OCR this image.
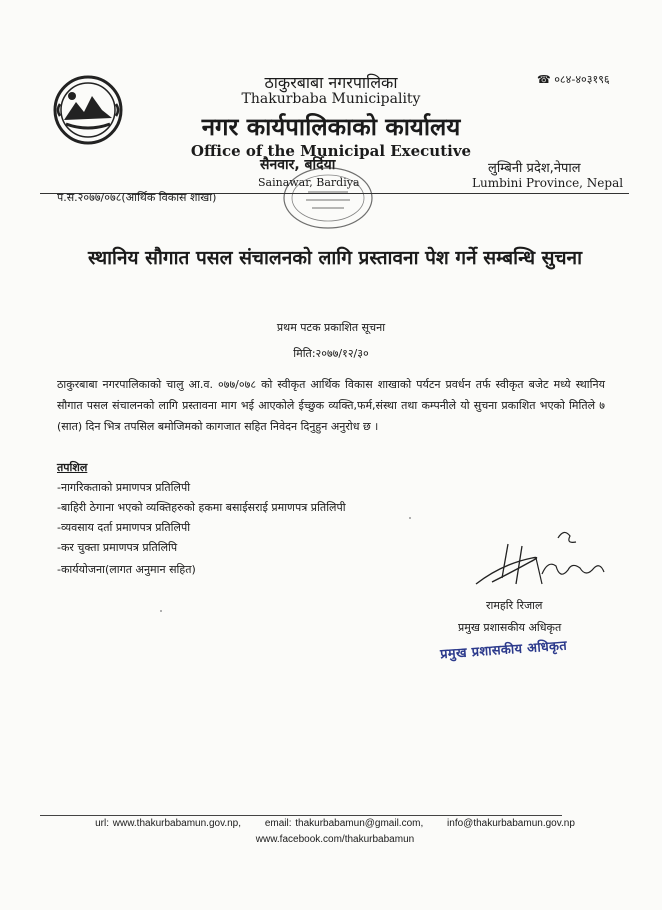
ठाकुरबाबा नगरपालिका
Thakurbaba Municipality
नगर कार्यपालिकाको कार्यालय
Office of the Municipal Executive
☎ ०८४-४०३१९६
सैनवार, बर्दिया
Sainawar, Bardiya
लुम्बिनी प्रदेश,नेपाल
Lumbini Province, Nepal
प.स.२०७७/०७८(आर्थिक विकास शाखा)
स्थानिय सौगात पसल संचालनको लागि प्रस्तावना पेश गर्ने सम्बन्धि सुचना
प्रथम पटक प्रकाशित सूचना
मिति:२०७७/१२/३०
ठाकुरबाबा नगरपालिकाको चालु आ.व. ०७७/०७८ को स्वीकृत आर्थिक विकास शाखाको पर्यटन प्रवर्धन तर्फ स्वीकृत बजेट मध्ये स्थानिय सौगात पसल संचालनको लागि प्रस्तावना माग भई आएकोले ईच्छुक व्यक्ति,फर्म,संस्था तथा कम्पनीले यो सुचना प्रकाशित भएको मितिले ७ (सात) दिन भित्र तपसिल बमोजिमको कागजात सहित निवेदन दिनुहुन अनुरोध छ ।
तपशिल
-नागरिकताको प्रमाणपत्र प्रतिलिपी
-बाहिरी ठेगाना भएको व्यक्तिहरुको हकमा बसाईसराई प्रमाणपत्र प्रतिलिपी
-व्यवसाय दर्ता प्रमाणपत्र प्रतिलिपी
-कर चुक्ता प्रमाणपत्र प्रतिलिपि
-कार्ययोजना(लागत अनुमान सहित)
रामहरि रिजाल
प्रमुख प्रशासकीय अधिकृत
प्रमुख प्रशासकीय अधिकृत
url: www.thakurbabamun.gov.np, email: thakurbabamun@gmail.com, info@thakurbabamun.gov.np
www.facebook.com/thakurbabamun
